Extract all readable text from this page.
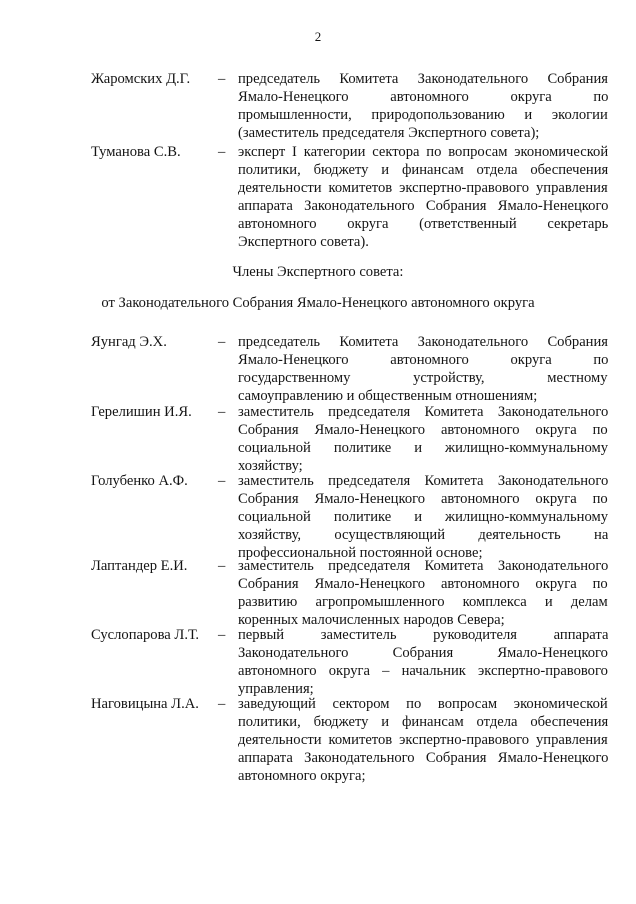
2
Жаромских Д.Г. – председатель Комитета Законодательного Собрания
Ямало-Ненецкого автономного округа по
промышленности, природопользованию и экологии
(заместитель председателя Экспертного совета);
Туманова С.В.	– эксперт I категории сектора по вопросам экономической
политики, бюджету и финансам отдела обеспечения
деятельности комитетов экспертно-правового управления
аппарата Законодательного Собрания Ямало-Ненецкого
автономного округа (ответственный секретарь
Экспертного совета).
Члены Экспертного совета:
от Законодательного Собрания Ямало-Ненецкого автономного округа
Яунгад Э.Х.	– председатель Комитета Законодательного Собрания
Ямало-Ненецкого автономного округа по
государственному устройству, местному
самоуправлению и общественным отношениям;
Герелишин И.Я. – заместитель председателя Комитета Законодательного
Собрания Ямало-Ненецкого автономного округа по
социальной политике и жилищно-коммунальному
хозяйству;
Голубенко А.Ф. – заместитель председателя Комитета Законодательного
Собрания Ямало-Ненецкого автономного округа по
социальной политике и жилищно-коммунальному
хозяйству, осуществляющий деятельность на
профессиональной постоянной основе;
Лаптандер Е.И. – заместитель председателя Комитета Законодательного
Собрания Ямало-Ненецкого автономного округа по
развитию агропромышленного комплекса и делам
коренных малочисленных народов Севера;
Суслопарова Л.Т. – первый заместитель руководителя аппарата
Законодательного Собрания Ямало-Ненецкого
автономного округа – начальник экспертно-правового
управления;
Наговицына Л.А. – заведующий сектором по вопросам экономической
политики, бюджету и финансам отдела обеспечения
деятельности комитетов экспертно-правового управления
аппарата Законодательного Собрания Ямало-Ненецкого
автономного округа;
